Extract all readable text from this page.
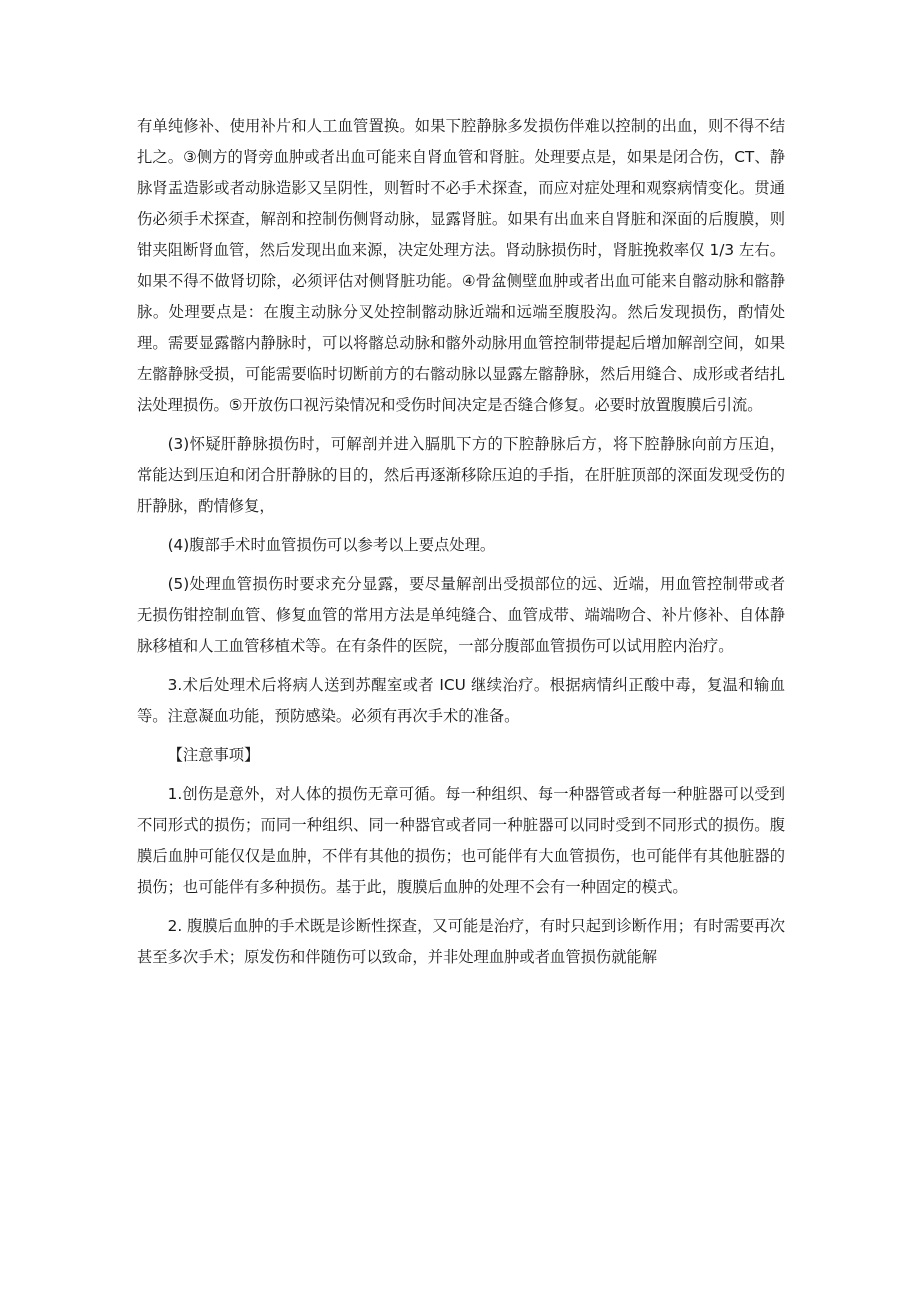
有单纯修补、使用补片和人工血管置换。如果下腔静脉多发损伤伴难以控制的出血，则不得不结扎之。③侧方的肾旁血肿或者出血可能来自肾血管和肾脏。处理要点是，如果是闭合伤，CT、静脉肾盂造影或者动脉造影又呈阴性，则暂时不必手术探查，而应对症处理和观察病情变化。贯通伤必须手术探查，解剖和控制伤侧肾动脉，显露肾脏。如果有出血来自肾脏和深面的后腹膜，则钳夹阻断肾血管，然后发现出血来源，决定处理方法。肾动脉损伤时，肾脏挽救率仅 1/3 左右。如果不得不做肾切除，必须评估对侧肾脏功能。④骨盆侧壁血肿或者出血可能来自髂动脉和髂静脉。处理要点是：在腹主动脉分叉处控制髂动脉近端和远端至腹股沟。然后发现损伤，酌情处理。需要显露髂内静脉时，可以将髂总动脉和髂外动脉用血管控制带提起后增加解剖空间，如果左髂静脉受损，可能需要临时切断前方的右髂动脉以显露左髂静脉，然后用缝合、成形或者结扎法处理损伤。⑤开放伤口视污染情况和受伤时间决定是否缝合修复。必要时放置腹膜后引流。

(3)怀疑肝静脉损伤时，可解剖并进入膈肌下方的下腔静脉后方，将下腔静脉向前方压迫，常能达到压迫和闭合肝静脉的目的，然后再逐渐移除压迫的手指，在肝脏顶部的深面发现受伤的肝静脉，酌情修复，

(4)腹部手术时血管损伤可以参考以上要点处理。

(5)处理血管损伤时要求充分显露，要尽量解剖出受损部位的远、近端，用血管控制带或者无损伤钳控制血管、修复血管的常用方法是单纯缝合、血管成带、端端吻合、补片修补、自体静脉移植和人工血管移植术等。在有条件的医院，一部分腹部血管损伤可以试用腔内治疗。

3.术后处理术后将病人送到苏醒室或者 ICU 继续治疗。根据病情纠正酸中毒，复温和输血等。注意凝血功能，预防感染。必须有再次手术的准备。

【注意事项】

1.创伤是意外，对人体的损伤无章可循。每一种组织、每一种器管或者每一种脏器可以受到不同形式的损伤；而同一种组织、同一种器官或者同一种脏器可以同时受到不同形式的损伤。腹膜后血肿可能仅仅是血肿，不伴有其他的损伤；也可能伴有大血管损伤，也可能伴有其他脏器的损伤；也可能伴有多种损伤。基于此，腹膜后血肿的处理不会有一种固定的模式。

2. 腹膜后血肿的手术既是诊断性探查，又可能是治疗，有时只起到诊断作用；有时需要再次甚至多次手术；原发伤和伴随伤可以致命，并非处理血肿或者血管损伤就能解
